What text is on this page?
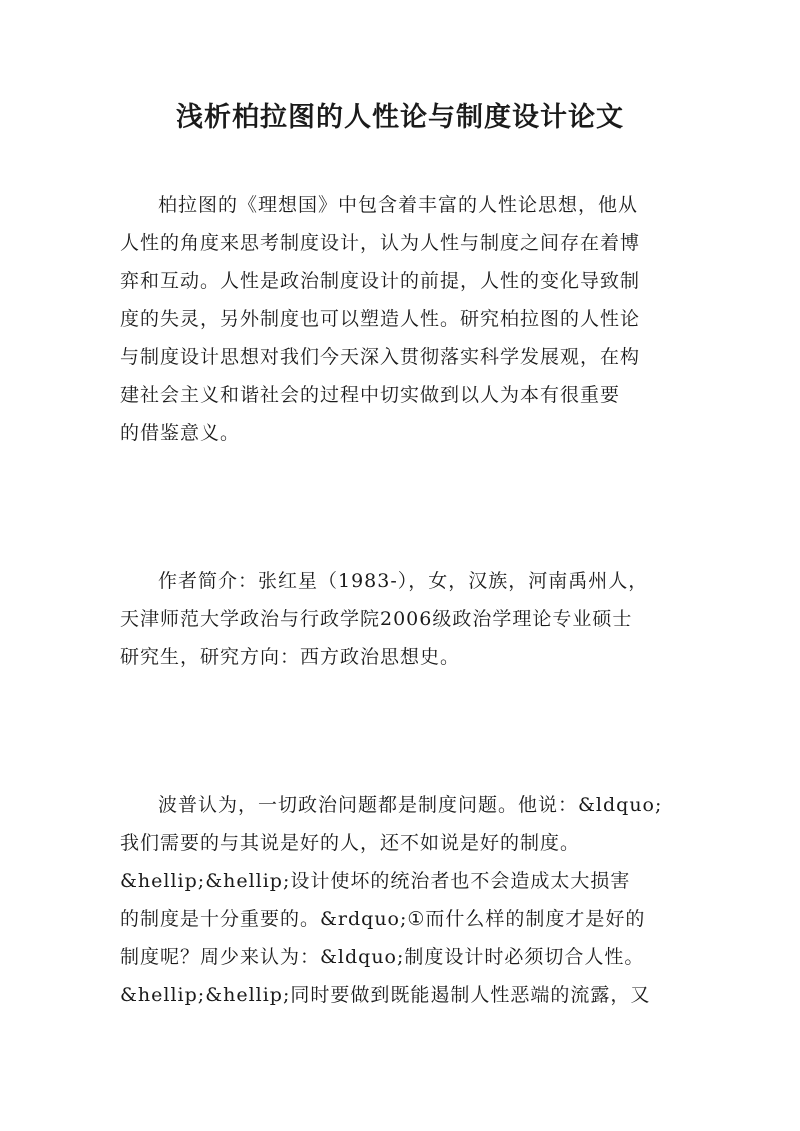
浅析柏拉图的人性论与制度设计论文

柏拉图的《理想国》中包含着丰富的人性论思想，他从
人性的角度来思考制度设计，认为人性与制度之间存在着博
弈和互动。人性是政治制度设计的前提，人性的变化导致制
度的失灵，另外制度也可以塑造人性。研究柏拉图的人性论
与制度设计思想对我们今天深入贯彻落实科学发展观，在构
建社会主义和谐社会的过程中切实做到以人为本有很重要
的借鉴意义。

作者简介：张红星（1983-），女，汉族，河南禹州人，
天津师范大学政治与行政学院2006级政治学理论专业硕士
研究生，研究方向：西方政治思想史。

波普认为，一切政治问题都是制度问题。他说：&ldquo;
我们需要的与其说是好的人，还不如说是好的制度。
&hellip;&hellip;设计使坏的统治者也不会造成太大损害
的制度是十分重要的。&rdquo;①而什么样的制度才是好的
制度呢？周少来认为：&ldquo;制度设计时必须切合人性。
&hellip;&hellip;同时要做到既能遏制人性恶端的流露，又
